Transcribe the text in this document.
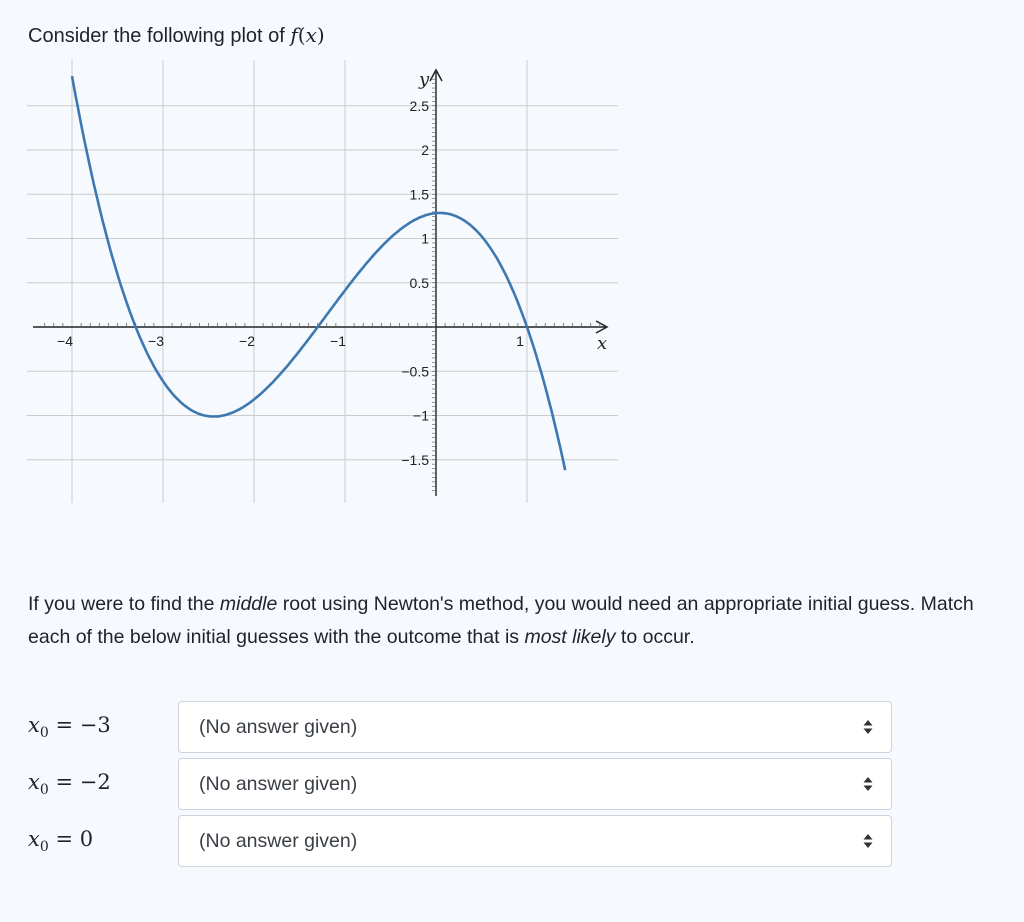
Consider the following plot of f(x)
−4	−3	−2	−1	1
2.5
2
1.5
1
0.5
−0.5
−1
−1.5
x
y
If you were to find the middle root using Newton's method, you would need an appropriate initial guess. Match each of the below initial guesses with the outcome that is most likely to occur.
$x_0 = -3$	(No answer given)
$x_0 = -2$	(No answer given)
$x_0 = 0$	(No answer given)
